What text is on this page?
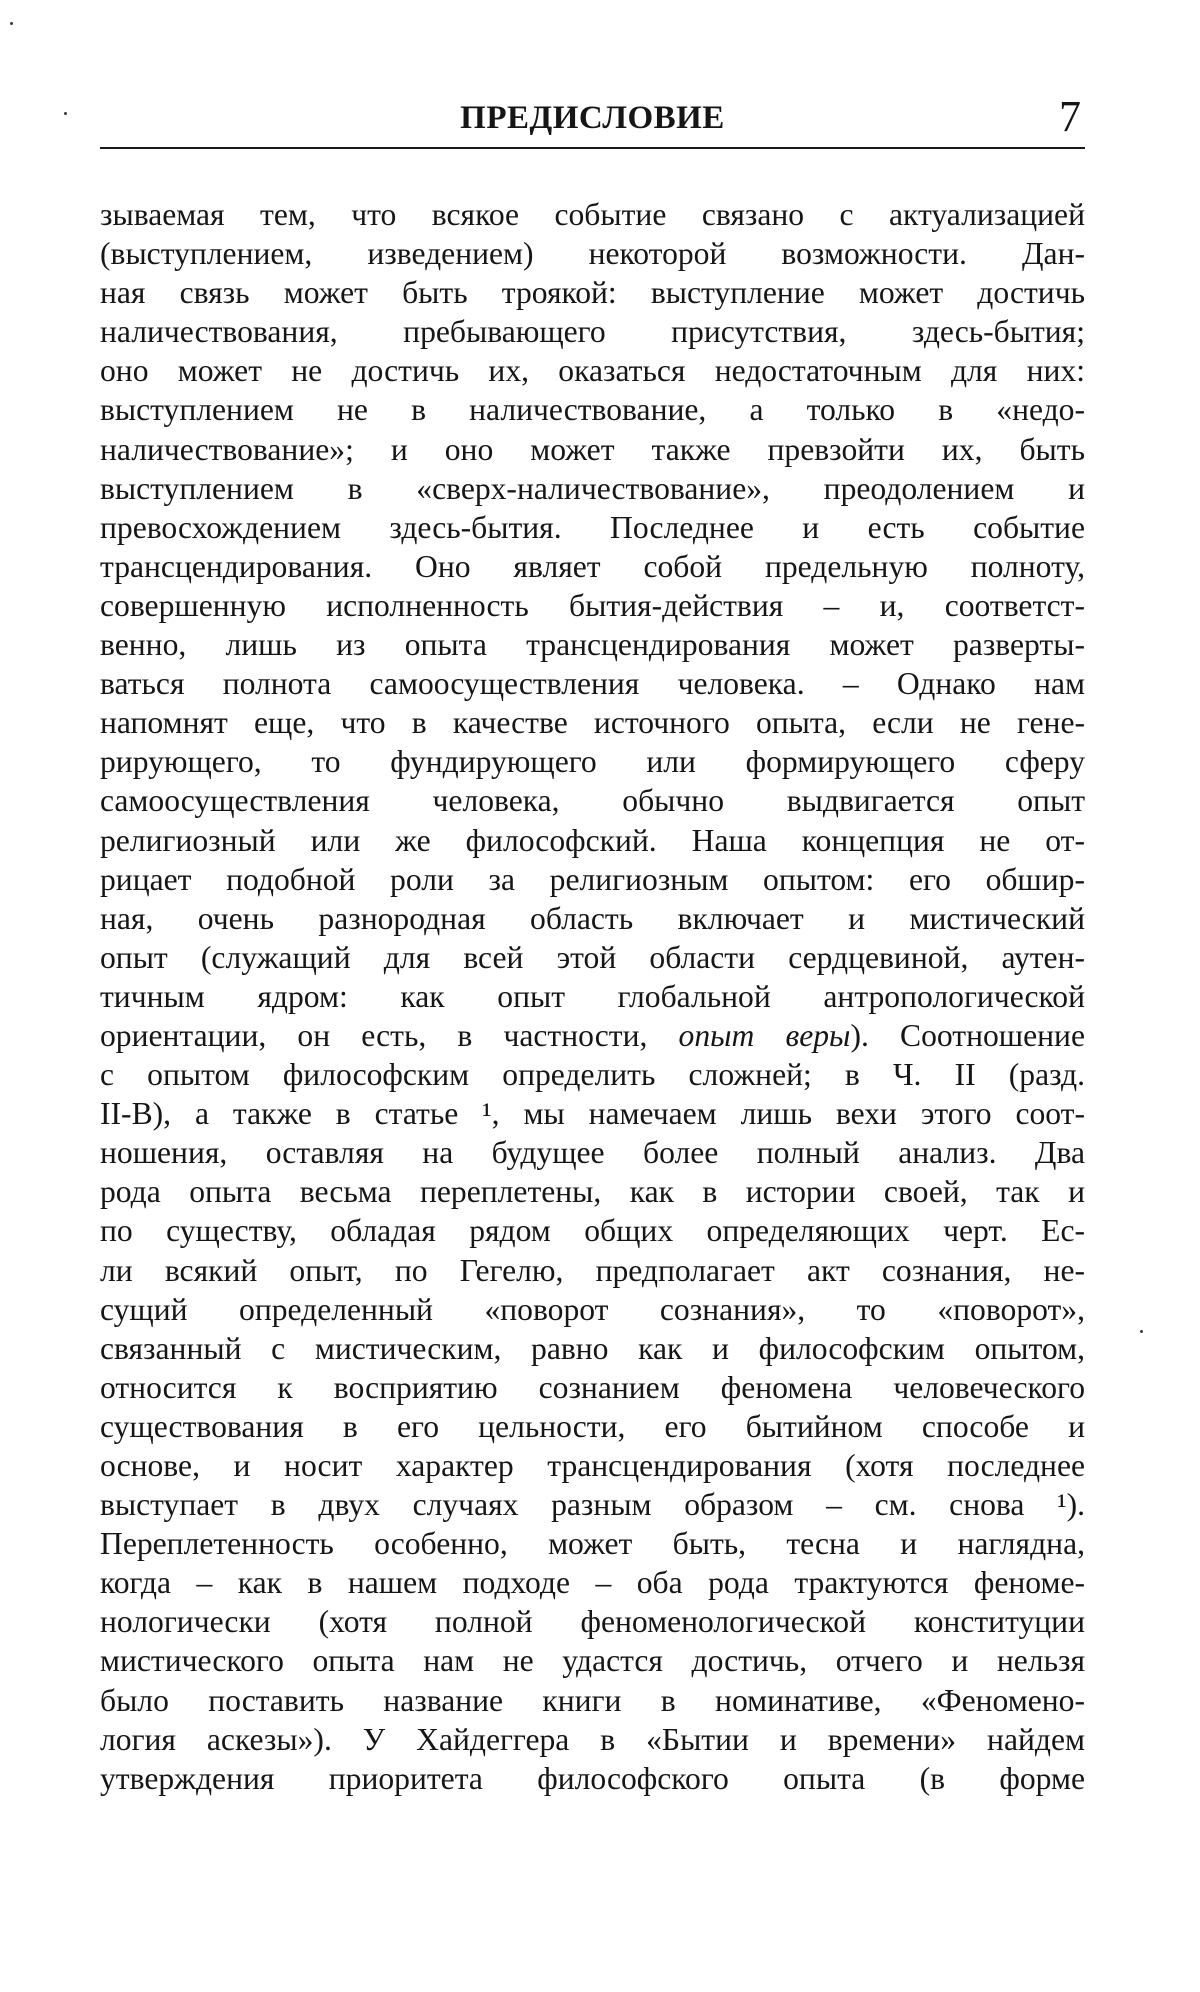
ПРЕДИСЛОВИЕ	7
зываемая тем, что всякое событие связано с актуализацией
(выступлением, изведением) некоторой возможности. Дан-
ная связь может быть троякой: выступление может достичь
наличествования, пребывающего присутствия, здесь-бытия;
оно может не достичь их, оказаться недостаточным для них:
выступлением не в наличествование, а только в «недо-
наличествование»; и оно может также превзойти их, быть
выступлением в «сверх-наличествование», преодолением и
превосхождением здесь-бытия. Последнее и есть событие
трансцендирования. Оно являет собой предельную полноту,
совершенную исполненность бытия-действия – и, соответст-
венно, лишь из опыта трансцендирования может разверты-
ваться полнота самоосуществления человека. – Однако нам
напомнят еще, что в качестве источного опыта, если не гене-
рирующего, то фундирующего или формирующего сферу
самоосуществления человека, обычно выдвигается опыт
религиозный или же философский. Наша концепция не от-
рицает подобной роли за религиозным опытом: его обшир-
ная, очень разнородная область включает и мистический
опыт (служащий для всей этой области сердцевиной, аутен-
тичным ядром: как опыт глобальной антропологической
ориентации, он есть, в частности, опыт веры). Соотношение
с опытом философским определить сложней; в Ч. II (разд.
II-В), а также в статье ¹, мы намечаем лишь вехи этого соот-
ношения, оставляя на будущее более полный анализ. Два
рода опыта весьма переплетены, как в истории своей, так и
по существу, обладая рядом общих определяющих черт. Ес-
ли всякий опыт, по Гегелю, предполагает акт сознания, не-
сущий определенный «поворот сознания», то «поворот»,
связанный с мистическим, равно как и философским опытом,
относится к восприятию сознанием феномена человеческого
существования в его цельности, его бытийном способе и
основе, и носит характер трансцендирования (хотя последнее
выступает в двух случаях разным образом – см. снова ¹).
Переплетенность особенно, может быть, тесна и наглядна,
когда – как в нашем подходе – оба рода трактуются феноме-
нологически (хотя полной феноменологической конституции
мистического опыта нам не удастся достичь, отчего и нельзя
было поставить название книги в номинативе, «Феномено-
логия аскезы»). У Хайдеггера в «Бытии и времени» найдем
утверждения приоритета философского опыта (в форме
